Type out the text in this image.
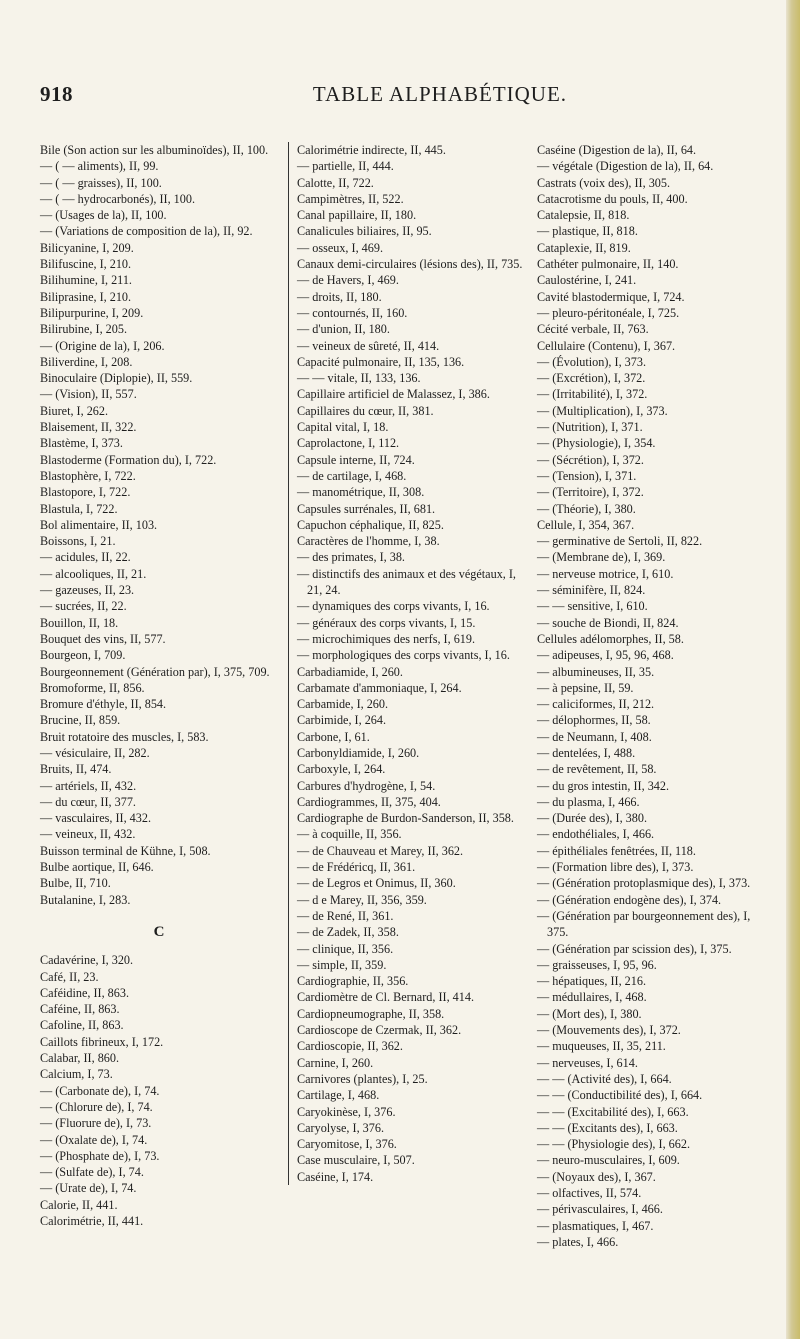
918	TABLE ALPHABÉTIQUE.

Bile (Son action sur les albuminoïdes), II, 100.

— ( — aliments), II, 99.

— ( — graisses), II, 100.

— ( — hydrocarbonés), II, 100.

— (Usages de la), II, 100.

— (Variations de composition de la), II, 92.

Bilicyanine, I, 209.

Bilifuscine, I, 210.

Bilihumine, I, 211.

Biliprasine, I, 210.

Bilipurpurine, I, 209.

Bilirubine, I, 205.

— (Origine de la), I, 206.

Biliverdine, I, 208.

Binoculaire (Diplopie), II, 559.

— (Vision), II, 557.

Biuret, I, 262.

Blaisement, II, 322.

Blastème, I, 373.

Blastoderme (Formation du), I, 722.

Blastophère, I, 722.

Blastopore, I, 722.

Blastula, I, 722.

Bol alimentaire, II, 103.

Boissons, I, 21.

— acidules, II, 22.

— alcooliques, II, 21.

— gazeuses, II, 23.

— sucrées, II, 22.

Bouillon, II, 18.

Bouquet des vins, II, 577.

Bourgeon, I, 709.

Bourgeonnement (Génération par), I, 375, 709.

Bromoforme, II, 856.

Bromure d'éthyle, II, 854.

Brucine, II, 859.

Bruit rotatoire des muscles, I, 583.

— vésiculaire, II, 282.

Bruits, II, 474.

— artériels, II, 432.

— du cœur, II, 377.

— vasculaires, II, 432.

— veineux, II, 432.

Buisson terminal de Kühne, I, 508.

Bulbe aortique, II, 646.

Bulbe, II, 710.

Butalanine, I, 283.

C

Cadavérine, I, 320.

Café, II, 23.

Caféidine, II, 863.

Caféine, II, 863.

Cafoline, II, 863.

Caillots fibrineux, I, 172.

Calabar, II, 860.

Calcium, I, 73.

— (Carbonate de), I, 74.

— (Chlorure de), I, 74.

— (Fluorure de), I, 73.

— (Oxalate de), I, 74.

— (Phosphate de), I, 73.

— (Sulfate de), I, 74.

— (Urate de), I, 74.

Calorie, II, 441.

Calorimétrie, II, 441.

Calorimétrie indirecte, II, 445.

— partielle, II, 444.

Calotte, II, 722.

Campimètres, II, 522.

Canal papillaire, II, 180.

Canalicules biliaires, II, 95.

— osseux, I, 469.

Canaux demi-circulaires (lésions des), II, 735.

— de Havers, I, 469.

— droits, II, 180.

— contournés, II, 160.

— d'union, II, 180.

— veineux de sûreté, II, 414.

Capacité pulmonaire, II, 135, 136.

— — vitale, II, 133, 136.

Capillaire artificiel de Malassez, I, 386.

Capillaires du cœur, II, 381.

Capital vital, I, 18.

Caprolactone, I, 112.

Capsule interne, II, 724.

— de cartilage, I, 468.

— manométrique, II, 308.

Capsules surrénales, II, 681.

Capuchon céphalique, II, 825.

Caractères de l'homme, I, 38.

— des primates, I, 38.

— distinctifs des animaux et des végétaux, I, 21, 24.

— dynamiques des corps vivants, I, 16.

— généraux des corps vivants, I, 15.

— microchimiques des nerfs, I, 619.

— morphologiques des corps vivants, I, 16.

Carbadiamide, I, 260.

Carbamate d'ammoniaque, I, 264.

Carbamide, I, 260.

Carbimide, I, 264.

Carbone, I, 61.

Carbonyldiamide, I, 260.

Carboxyle, I, 264.

Carbures d'hydrogène, I, 54.

Cardiogrammes, II, 375, 404.

Cardiographe de Burdon-Sanderson, II, 358.

— à coquille, II, 356.

— de Chauveau et Marey, II, 362.

— de Frédéricq, II, 361.

— de Legros et Onimus, II, 360.

— d e Marey, II, 356, 359.

— de René, II, 361.

— de Zadek, II, 358.

— clinique, II, 356.

— simple, II, 359.

Cardiographie, II, 356.

Cardiomètre de Cl. Bernard, II, 414.

Cardiopneumographe, II, 358.

Cardioscope de Czermak, II, 362.

Cardioscopie, II, 362.

Carnine, I, 260.

Carnivores (plantes), I, 25.

Cartilage, I, 468.

Caryokinèse, I, 376.

Caryolyse, I, 376.

Caryomitose, I, 376.

Case musculaire, I, 507.

Caséine, I, 174.

Caséine (Digestion de la), II, 64.

— végétale (Digestion de la), II, 64.

Castrats (voix des), II, 305.

Catacrotisme du pouls, II, 400.

Catalepsie, II, 818.

— plastique, II, 818.

Cataplexie, II, 819.

Cathéter pulmonaire, II, 140.

Caulostérine, I, 241.

Cavité blastodermique, I, 724.

— pleuro-péritonéale, I, 725.

Cécité verbale, II, 763.

Cellulaire (Contenu), I, 367.

— (Évolution), I, 373.

— (Excrétion), I, 372.

— (Irritabilité), I, 372.

— (Multiplication), I, 373.

— (Nutrition), I, 371.

— (Physiologie), I, 354.

— (Sécrétion), I, 372.

— (Tension), I, 371.

— (Territoire), I, 372.

— (Théorie), I, 380.

Cellule, I, 354, 367.

— germinative de Sertoli, II, 822.

— (Membrane de), I, 369.

— nerveuse motrice, I, 610.

— séminifère, II, 824.

— — sensitive, I, 610.

— souche de Biondi, II, 824.

Cellules adélomorphes, II, 58.

— adipeuses, I, 95, 96, 468.

— albumineuses, II, 35.

— à pepsine, II, 59.

— caliciformes, II, 212.

— délophormes, II, 58.

— de Neumann, I, 408.

— dentelées, I, 488.

— de revêtement, II, 58.

— du gros intestin, II, 342.

— du plasma, I, 466.

— (Durée des), I, 380.

— endothéliales, I, 466.

— épithéliales fenêtrées, II, 118.

— (Formation libre des), I, 373.

— (Génération protoplasmique des), I, 373.

— (Génération endogène des), I, 374.

— (Génération par bourgeonnement des), I, 375.

— (Génération par scission des), I, 375.

— graisseuses, I, 95, 96.

— hépatiques, II, 216.

— médullaires, I, 468.

— (Mort des), I, 380.

— (Mouvements des), I, 372.

— muqueuses, II, 35, 211.

— nerveuses, I, 614.

— — (Activité des), I, 664.

— — (Conductibilité des), I, 664.

— — (Excitabilité des), I, 663.

— — (Excitants des), I, 663.

— — (Physiologie des), I, 662.

— neuro-musculaires, I, 609.

— (Noyaux des), I, 367.

— olfactives, II, 574.

— périvasculaires, I, 466.

— plasmatiques, I, 467.

— plates, I, 466.
